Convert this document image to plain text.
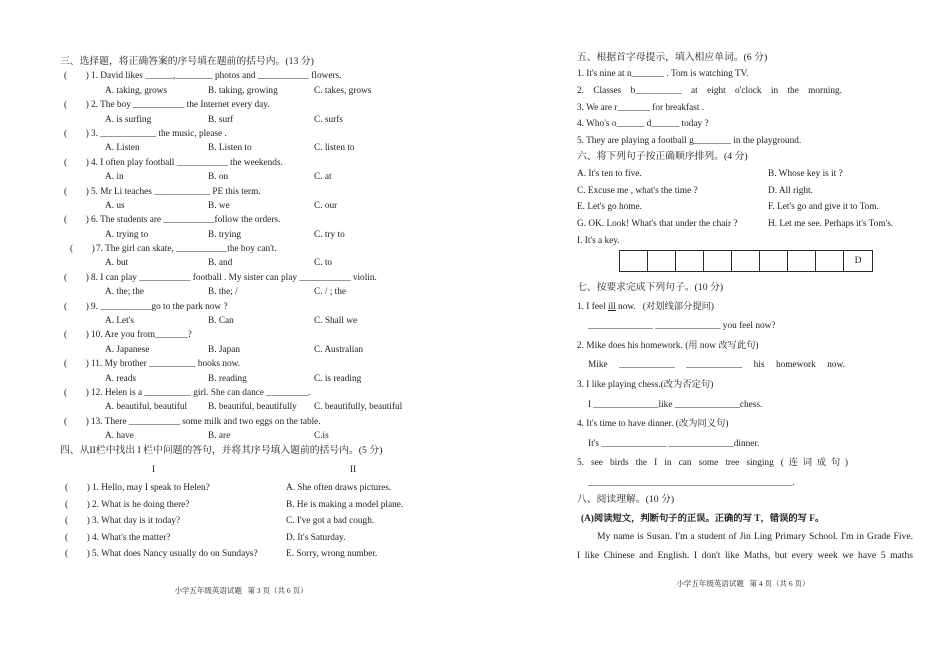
三、选择题，将正确答案的序号填在题前的括号内。(13 分)
(        ) 1. David likes ______,________ photos and ___________ flowers.
A. taking, grows	B. taking, growing	C. takes, grows
(        ) 2. The boy ___________ the Internet every day.
A. is surfing	B. surf	C. surfs
(        ) 3. ____________ the music, please .
A. Listen	B. Listen to	C. listen to
(        ) 4. I often play football ___________ the weekends.
A. in	B. on	C. at
(        ) 5. Mr Li teaches ____________ PE this term.
A. us	B. we	C. our
(        ) 6. The students are ___________follow the orders.
A. trying to	B. trying	C. try to
(        ) 7. The girl can skate, ___________the boy can't.
A. but	B. and	C. to
(        ) 8. I can play ___________ football . My sister can play ___________ violin.
A. the; the	B. the; /	C. / ; the
(        ) 9. ___________go to the park now ?
A. Let's	B. Can	C. Shall we
(        ) 10. Are you from_______?
A. Japanese	B. Japan	C. Australian
(        ) 11. My brother __________ books now.
A. reads	B. reading	C. is reading
(        ) 12. Helen is a __________ girl. She can dance _________.
A. beautiful, beautiful B. beautiful, beautifully C. beautifully, beautiful
(        ) 13. There ___________ some milk and two eggs on the table.
A. have	B. are	C.is
四、从II栏中找出 I 栏中问题的答句，并将其序号填入题前的括号内。(5 分)
I	II
(        ) 1. Hello, may I speak to Helen?	A. She often draws pictures.
(        ) 2. What is he doing there?	B. He is making a model plane.
(        ) 3. What day is it today?	C. I've got a bad cough.
(        ) 4. What's the matter?	D. It's Saturday.
(        ) 5. What does Nancy usually do on Sundays?	E. Sorry, wrong number.
小学五年级英语试题   第 3 页（共 6 页）
五、根据首字母提示，填入相应单词。(6 分)
1. It's nine at n_______ . Tom is watching TV.
2. Classes b__________ at eight o'clock in the morning.
3. We are r_______ for breakfast .
4. Who's o______ d______ today ?
5. They are playing a football g________ in the playground.
六、将下列句子按正确顺序排列。(4 分)
A. It's ten to five.	B. Whose key is it ?
C. Excuse me , what's the time ?	D. All right.
E. Let's go home.	F. Let's go and give it to Tom.
G. OK. Look! What's that under the chair ?	H. Let me see. Perhaps it's Tom's.
I. It's a key.
D
七、按要求完成下列句子。(10 分)
1. I feel ill now.   (对划线部分提问)
______________ ______________ you feel now?
2. Mike does his homework. (用 now 改写此句)
Mike ____________ ____________ his homework now.
3. I like playing chess.(改为否定句)
I ______________like ______________chess.
4. It's time to have dinner. (改为同义句)
It's ______________ ______________dinner.
5. see birds the I in can some tree singing (连词成句)
____________________________________________.
八、阅读理解。(10 分)
(A)阅读短文，判断句子的正误。正确的写 T，错误的写 F。
My name is Susan. I'm a student of Jin Ling Primary School. I'm in Grade Five.
I like Chinese and English. I don't like Maths, but every week we have 5 maths
小学五年级英语试题   第 4 页（共 6 页）
